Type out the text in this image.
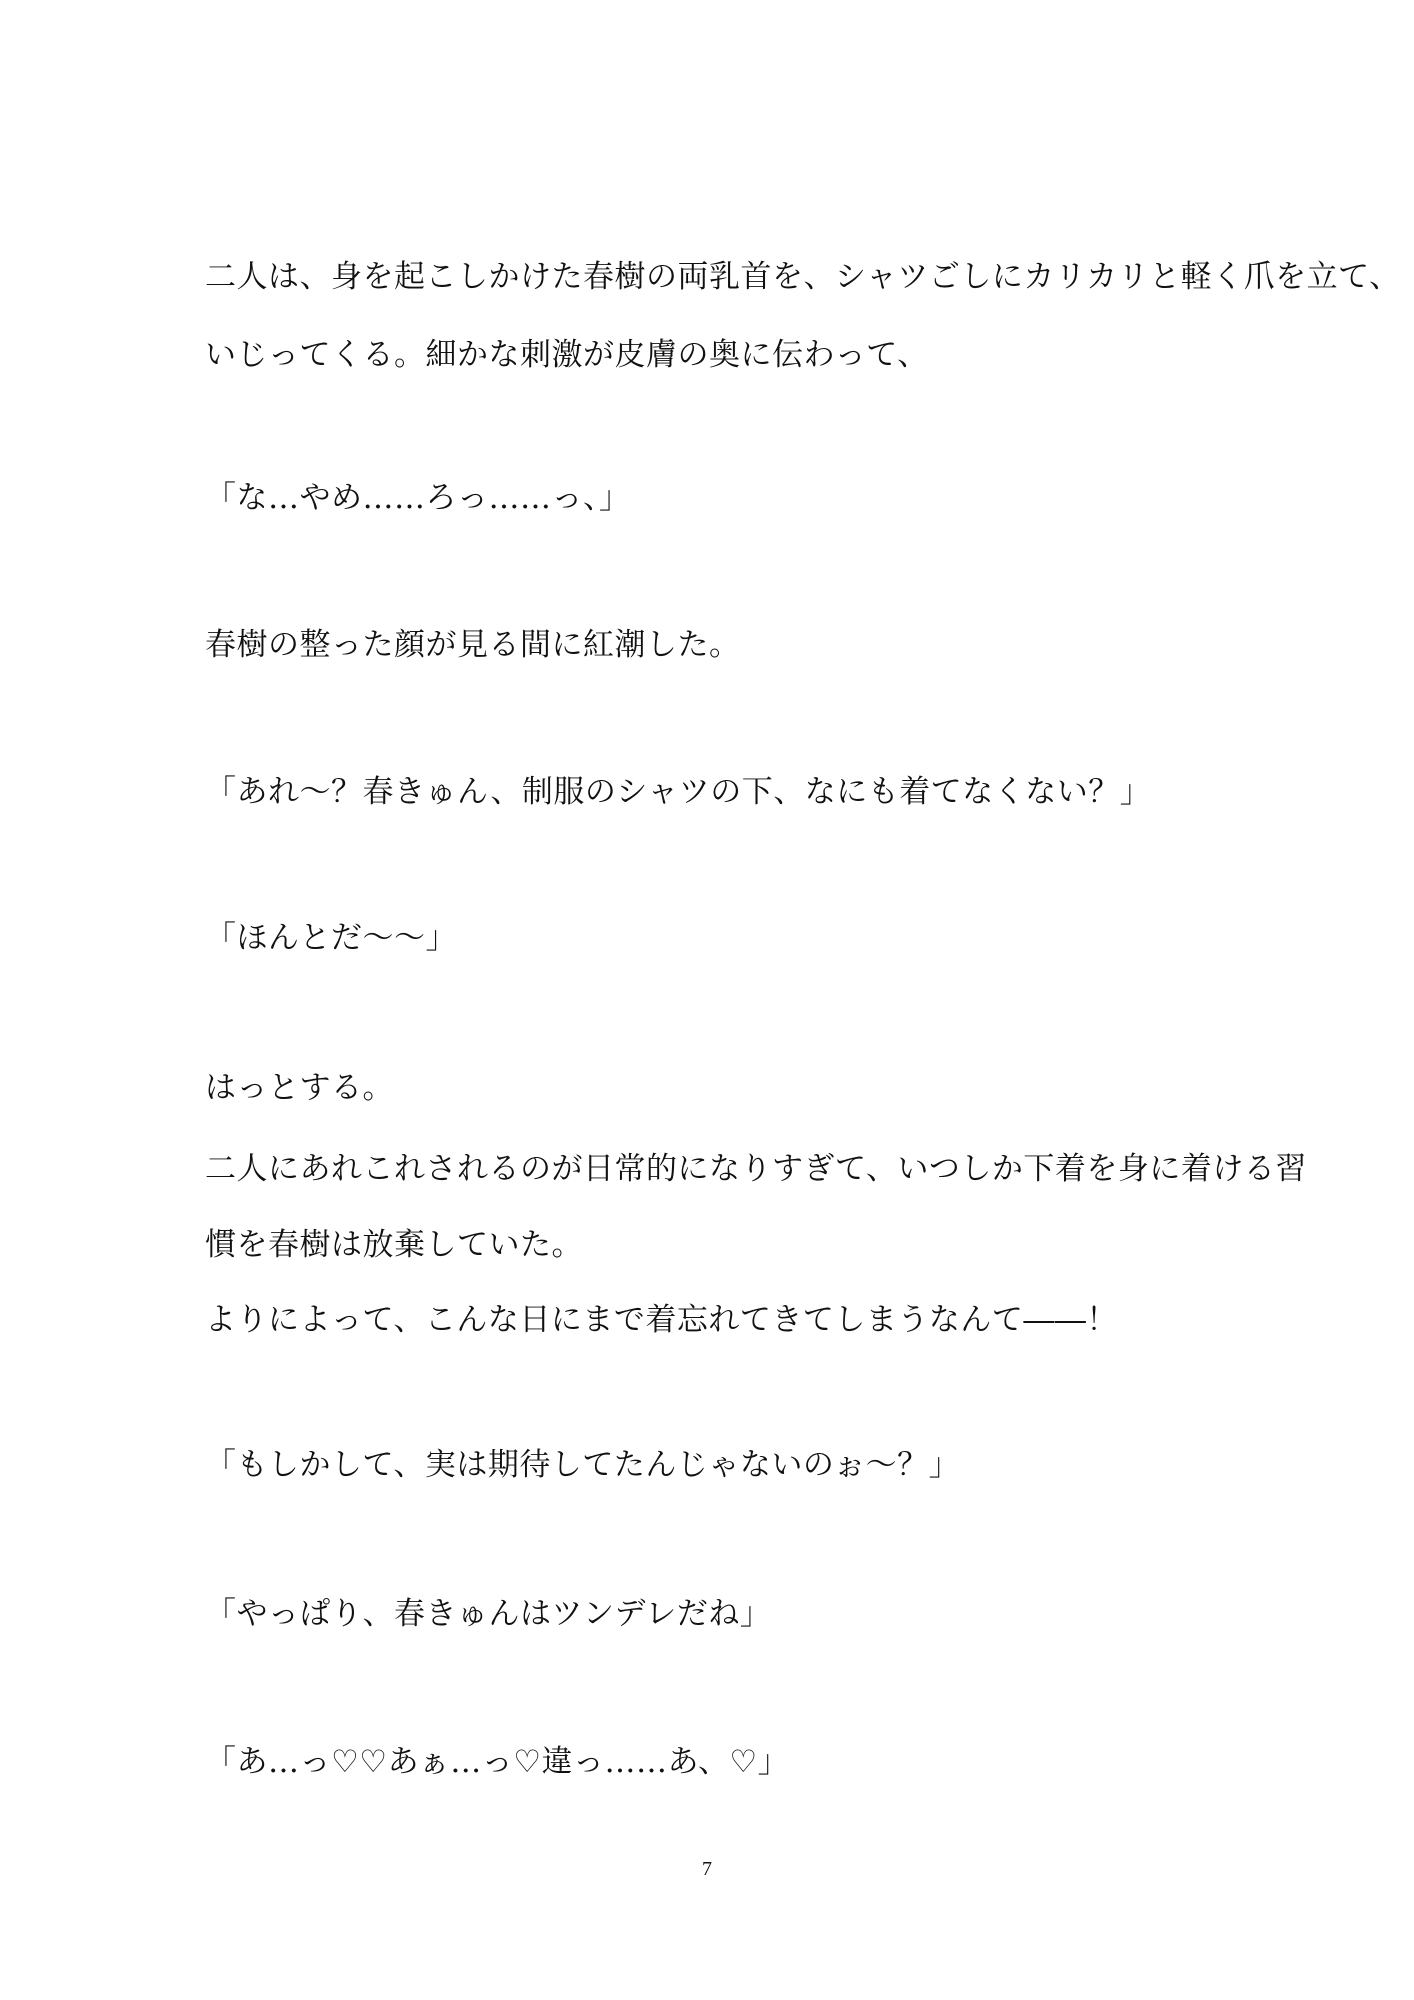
二人は、身を起こしかけた春樹の両乳首を、シャツごしにカリカリと軽く爪を立て、
いじってくる。細かな刺激が皮膚の奥に伝わって、
「な…やめ……ろっ……っ、」
春樹の整った顔が見る間に紅潮した。
「あれ～？春きゅん、制服のシャツの下、なにも着てなくない？」
「ほんとだ～～」
はっとする。
二人にあれこれされるのが日常的になりすぎて、いつしか下着を身に着ける習
慣を春樹は放棄していた。
よりによって、こんな日にまで着忘れてきてしまうなんて――！
「もしかして、実は期待してたんじゃないのぉ～？」
「やっぱり、春きゅんはツンデレだね」
「あ…っ♡♡あぁ…っ♡違っ……あ、♡」
7
